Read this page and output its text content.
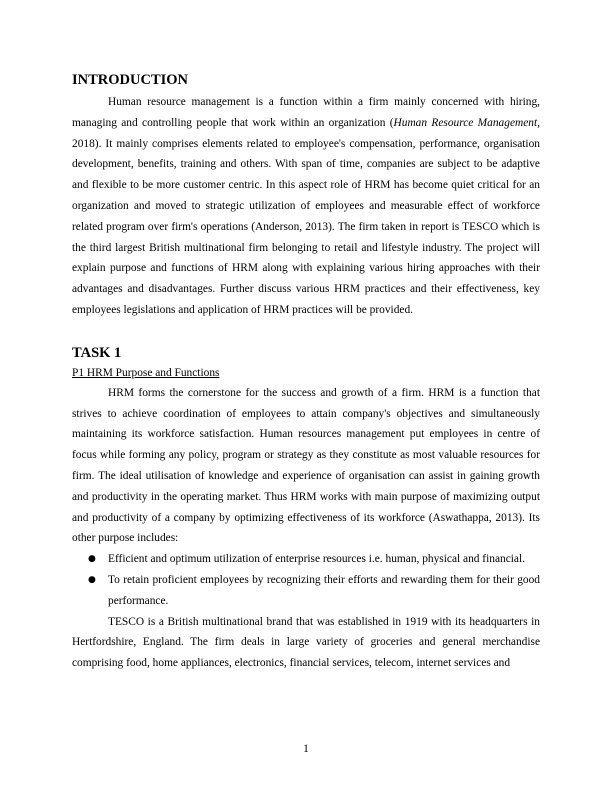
INTRODUCTION

Human resource management is a function within a firm mainly concerned with hiring, managing and controlling people that work within an organization (Human Resource Management, 2018). It mainly comprises elements related to employee's compensation, performance, organisation development, benefits, training and others. With span of time, companies are subject to be adaptive and flexible to be more customer centric. In this aspect role of HRM has become quiet critical for an organization and moved to strategic utilization of employees and measurable effect of workforce related program over firm's operations (Anderson, 2013). The firm taken in report is TESCO which is the third largest British multinational firm belonging to retail and lifestyle industry. The project will explain purpose and functions of HRM along with explaining various hiring approaches with their advantages and disadvantages. Further discuss various HRM practices and their effectiveness, key employees legislations and application of HRM practices will be provided.

TASK 1

P1 HRM Purpose and Functions

HRM forms the cornerstone for the success and growth of a firm. HRM is a function that strives to achieve coordination of employees to attain company's objectives and simultaneously maintaining its workforce satisfaction. Human resources management put employees in centre of focus while forming any policy, program or strategy as they constitute as most valuable resources for firm. The ideal utilisation of knowledge and experience of organisation can assist in gaining growth and productivity in the operating market. Thus HRM works with main purpose of maximizing output and productivity of a company by optimizing effectiveness of its workforce (Aswathappa, 2013). Its other purpose includes:

● Efficient and optimum utilization of enterprise resources i.e. human, physical and financial.
● To retain proficient employees by recognizing their efforts and rewarding them for their good performance.

TESCO is a British multinational brand that was established in 1919 with its headquarters in Hertfordshire, England. The firm deals in large variety of groceries and general merchandise comprising food, home appliances, electronics, financial services, telecom, internet services and

1
